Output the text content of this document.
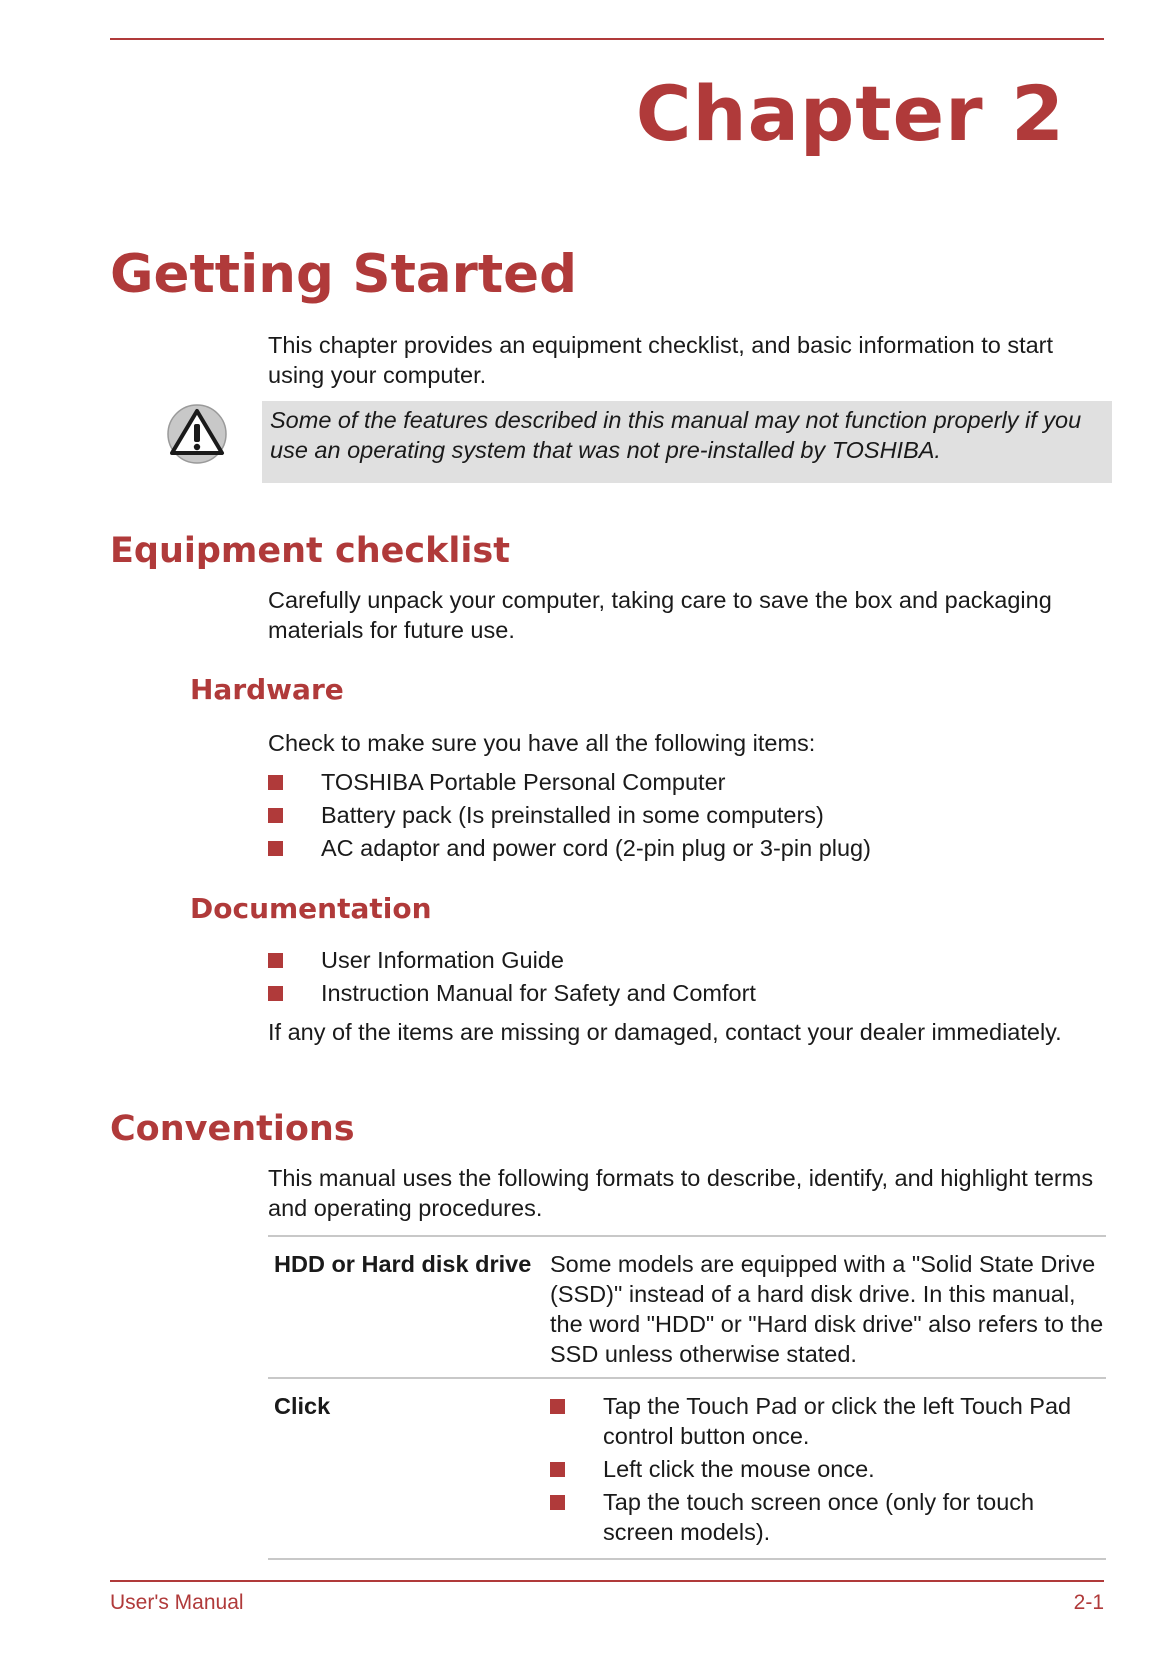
Chapter 2
Getting Started
This chapter provides an equipment checklist, and basic information to start using your computer.
Some of the features described in this manual may not function properly if you use an operating system that was not pre-installed by TOSHIBA.
Equipment checklist
Carefully unpack your computer, taking care to save the box and packaging materials for future use.
Hardware
Check to make sure you have all the following items:
TOSHIBA Portable Personal Computer
Battery pack (Is preinstalled in some computers)
AC adaptor and power cord (2-pin plug or 3-pin plug)
Documentation
User Information Guide
Instruction Manual for Safety and Comfort
If any of the items are missing or damaged, contact your dealer immediately.
Conventions
This manual uses the following formats to describe, identify, and highlight terms and operating procedures.
HDD or Hard disk drive Some models are equipped with a "Solid State Drive (SSD)" instead of a hard disk drive. In this manual, the word "HDD" or "Hard disk drive" also refers to the SSD unless otherwise stated.
Click	Tap the Touch Pad or click the left Touch Pad control button once.
Left click the mouse once.
Tap the touch screen once (only for touch screen models).
User's Manual	2-1
